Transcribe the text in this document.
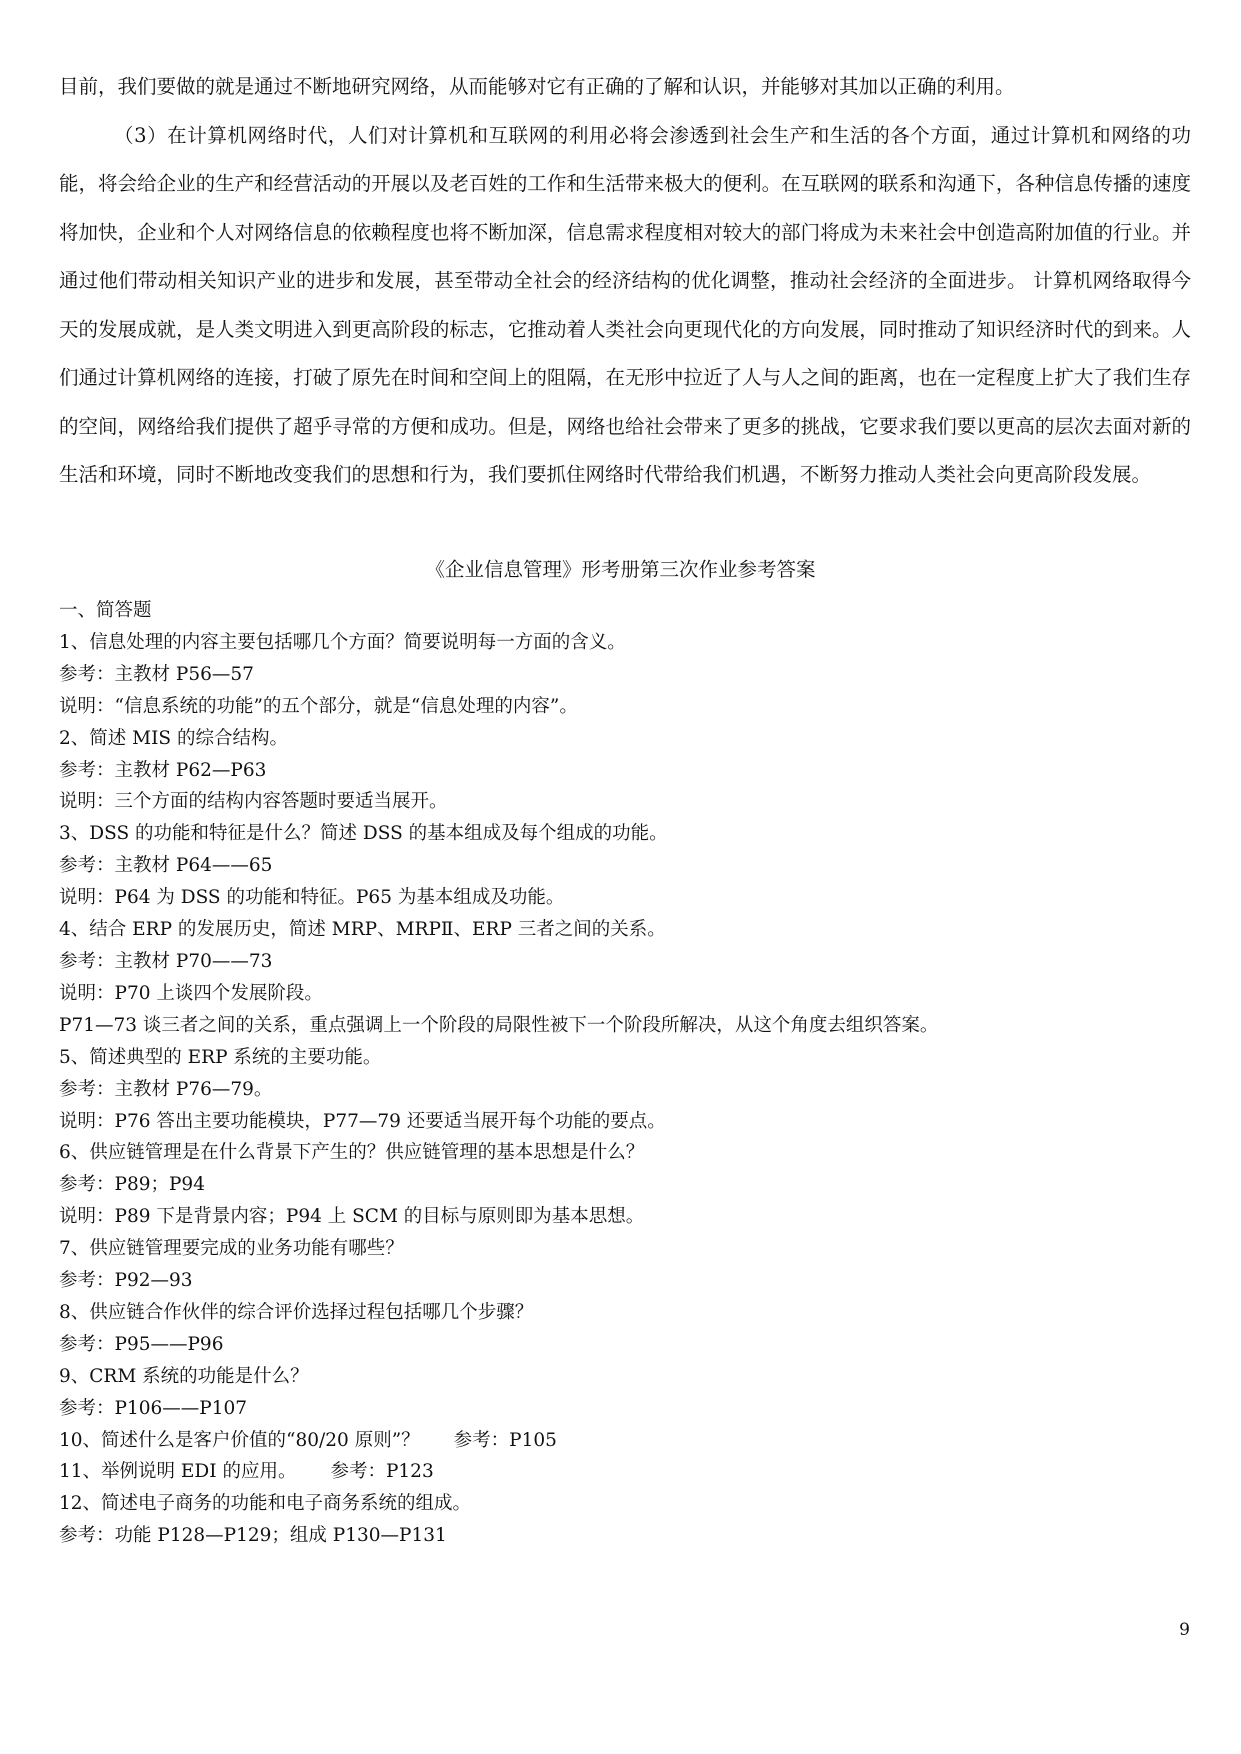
目前，我们要做的就是通过不断地研究网络，从而能够对它有正确的了解和认识，并能够对其加以正确的利用。

（3）在计算机网络时代，人们对计算机和互联网的利用必将会渗透到社会生产和生活的各个方面，通过计算机和网络的功能，将会给企业的生产和经营活动的开展以及老百姓的工作和生活带来极大的便利。在互联网的联系和沟通下，各种信息传播的速度将加快，企业和个人对网络信息的依赖程度也将不断加深，信息需求程度相对较大的部门将成为未来社会中创造高附加值的行业。并通过他们带动相关知识产业的进步和发展，甚至带动全社会的经济结构的优化调整，推动社会经济的全面进步。 计算机网络取得今天的发展成就，是人类文明进入到更高阶段的标志，它推动着人类社会向更现代化的方向发展，同时推动了知识经济时代的到来。人们通过计算机网络的连接，打破了原先在时间和空间上的阻隔，在无形中拉近了人与人之间的距离，也在一定程度上扩大了我们生存的空间，网络给我们提供了超乎寻常的方便和成功。但是，网络也给社会带来了更多的挑战，它要求我们要以更高的层次去面对新的生活和环境，同时不断地改变我们的思想和行为，我们要抓住网络时代带给我们机遇，不断努力推动人类社会向更高阶段发展。

《企业信息管理》形考册第三次作业参考答案
一、简答题
1、信息处理的内容主要包括哪几个方面？简要说明每一方面的含义。
参考：主教材 P56—57
说明：“信息系统的功能”的五个部分，就是“信息处理的内容”。
2、简述 MIS 的综合结构。
参考：主教材 P62—P63
说明：三个方面的结构内容答题时要适当展开。
3、DSS 的功能和特征是什么？简述 DSS 的基本组成及每个组成的功能。
参考：主教材 P64——65
说明：P64 为 DSS 的功能和特征。P65 为基本组成及功能。
4、结合 ERP 的发展历史，简述 MRP、MRPⅡ、ERP 三者之间的关系。
参考：主教材 P70——73
说明：P70 上谈四个发展阶段。
P71—73 谈三者之间的关系，重点强调上一个阶段的局限性被下一个阶段所解决，从这个角度去组织答案。
5、简述典型的 ERP 系统的主要功能。
参考：主教材 P76—79。
说明：P76 答出主要功能模块，P77—79 还要适当展开每个功能的要点。
6、供应链管理是在什么背景下产生的？供应链管理的基本思想是什么？
参考：P89；P94
说明：P89 下是背景内容；P94 上 SCM 的目标与原则即为基本思想。
7、供应链管理要完成的业务功能有哪些？
参考：P92—93
8、供应链合作伙伴的综合评价选择过程包括哪几个步骤？
参考：P95——P96
9、CRM 系统的功能是什么？
参考：P106——P107
10、简述什么是客户价值的“80/20 原则”？ 参考：P105
11、举例说明 EDI 的应用。 参考：P123
12、简述电子商务的功能和电子商务系统的组成。
参考：功能 P128—P129；组成 P130—P131
9
